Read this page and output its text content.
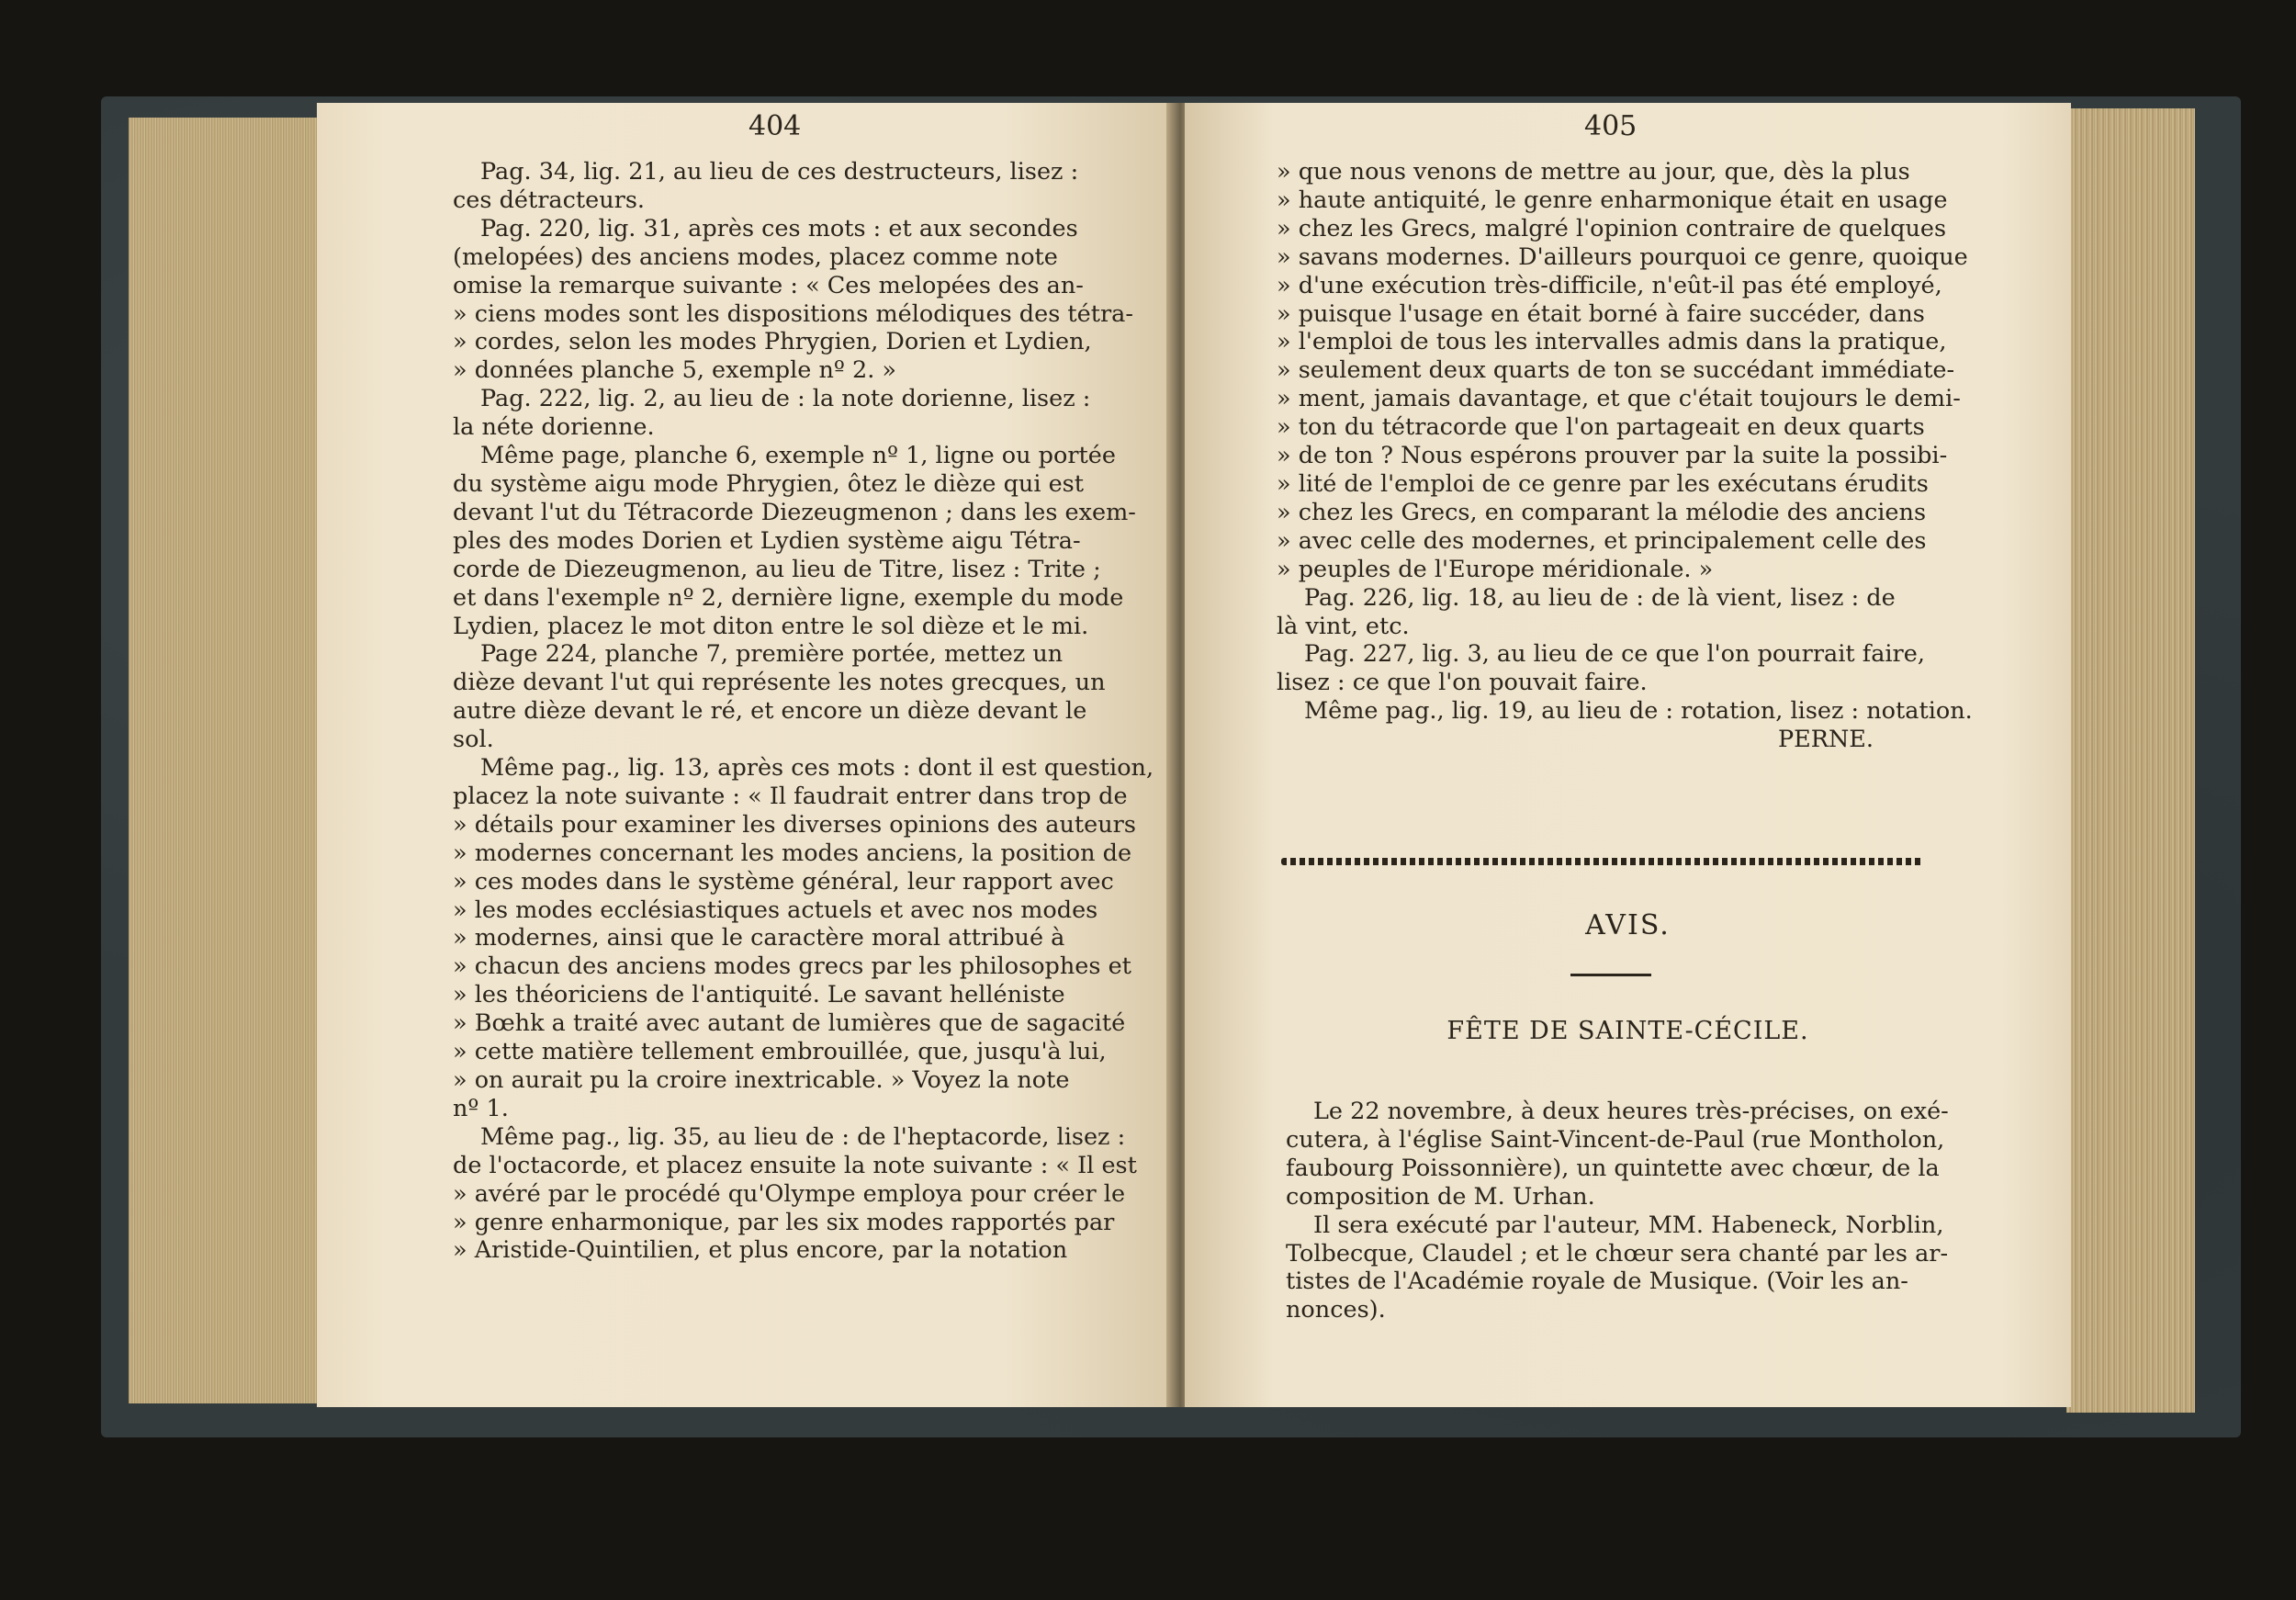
404

Pag. 34, lig. 21, au lieu de ces destructeurs, lisez :

ces détracteurs.

Pag. 220, lig. 31, après ces mots : et aux secondes

(melopées) des anciens modes, placez comme note

omise la remarque suivante : « Ces melopées des an-

» ciens modes sont les dispositions mélodiques des tétra-

» cordes, selon les modes Phrygien, Dorien et Lydien,

» données planche 5, exemple nº 2. »

Pag. 222, lig. 2, au lieu de : la note dorienne, lisez :

la néte dorienne.

Même page, planche 6, exemple nº 1, ligne ou portée

du système aigu mode Phrygien, ôtez le dièze qui est

devant l'ut du Tétracorde Diezeugmenon ; dans les exem-

ples des modes Dorien et Lydien système aigu Tétra-

corde de Diezeugmenon, au lieu de Titre, lisez : Trite ;

et dans l'exemple nº 2, dernière ligne, exemple du mode

Lydien, placez le mot diton entre le sol dièze et le mi.

Page 224, planche 7, première portée, mettez un

dièze devant l'ut qui représente les notes grecques, un

autre dièze devant le ré, et encore un dièze devant le

sol.

Même pag., lig. 13, après ces mots : dont il est question,

placez la note suivante : « Il faudrait entrer dans trop de

» détails pour examiner les diverses opinions des auteurs

» modernes concernant les modes anciens, la position de

» ces modes dans le système général, leur rapport avec

» les modes ecclésiastiques actuels et avec nos modes

» modernes, ainsi que le caractère moral attribué à

» chacun des anciens modes grecs par les philosophes et

» les théoriciens de l'antiquité. Le savant helléniste

» Bœhk a traité avec autant de lumières que de sagacité

» cette matière tellement embrouillée, que, jusqu'à lui,

» on aurait pu la croire inextricable. » Voyez la note

nº 1.

Même pag., lig. 35, au lieu de : de l'heptacorde, lisez :

de l'octacorde, et placez ensuite la note suivante : « Il est

» avéré par le procédé qu'Olympe employa pour créer le

» genre enharmonique, par les six modes rapportés par

» Aristide-Quintilien, et plus encore, par la notation

405

» que nous venons de mettre au jour, que, dès la plus

» haute antiquité, le genre enharmonique était en usage

» chez les Grecs, malgré l'opinion contraire de quelques

» savans modernes. D'ailleurs pourquoi ce genre, quoique

» d'une exécution très-difficile, n'eût-il pas été employé,

» puisque l'usage en était borné à faire succéder, dans

» l'emploi de tous les intervalles admis dans la pratique,

» seulement deux quarts de ton se succédant immédiate-

» ment, jamais davantage, et que c'était toujours le demi-

» ton du tétracorde que l'on partageait en deux quarts

» de ton ? Nous espérons prouver par la suite la possibi-

» lité de l'emploi de ce genre par les exécutans érudits

» chez les Grecs, en comparant la mélodie des anciens

» avec celle des modernes, et principalement celle des

» peuples de l'Europe méridionale. »

Pag. 226, lig. 18, au lieu de : de là vient, lisez : de

là vint, etc.

Pag. 227, lig. 3, au lieu de ce que l'on pourrait faire,

lisez : ce que l'on pouvait faire.

Même pag., lig. 19, au lieu de : rotation, lisez : notation.

PERNE.

AVIS.
FÊTE DE SAINTE-CÉCILE.

Le 22 novembre, à deux heures très-précises, on exé-

cutera, à l'église Saint-Vincent-de-Paul (rue Montholon,

faubourg Poissonnière), un quintette avec chœur, de la

composition de M. Urhan.

Il sera exécuté par l'auteur, MM. Habeneck, Norblin,

Tolbecque, Claudel ; et le chœur sera chanté par les ar-

tistes de l'Académie royale de Musique. (Voir les an-

nonces).
